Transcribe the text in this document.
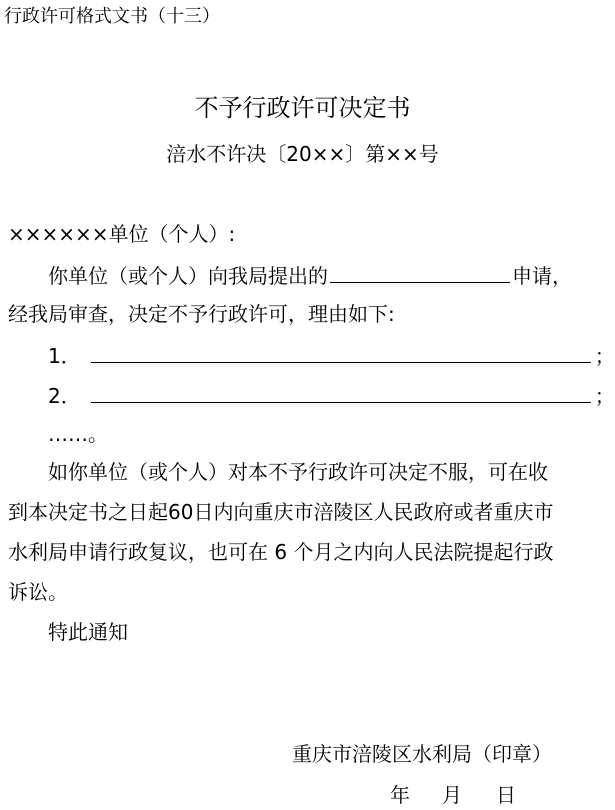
行政许可格式文书（十三）
不予行政许可决定书
涪水不许决〔20××〕第××号
××××××单位（个人）:
你单位（或个人）向我局提出的	申请，
经我局审查，决定不予行政许可，理由如下:
1．	；
2．	；
……。
如你单位（或个人）对本不予行政许可决定不服，可在收
到本决定书之日起60日内向重庆市涪陵区人民政府或者重庆市
水利局申请行政复议，也可在 6 个月之内向人民法院提起行政
诉讼。
特此通知
重庆市涪陵区水利局（印章）
年 月 日
